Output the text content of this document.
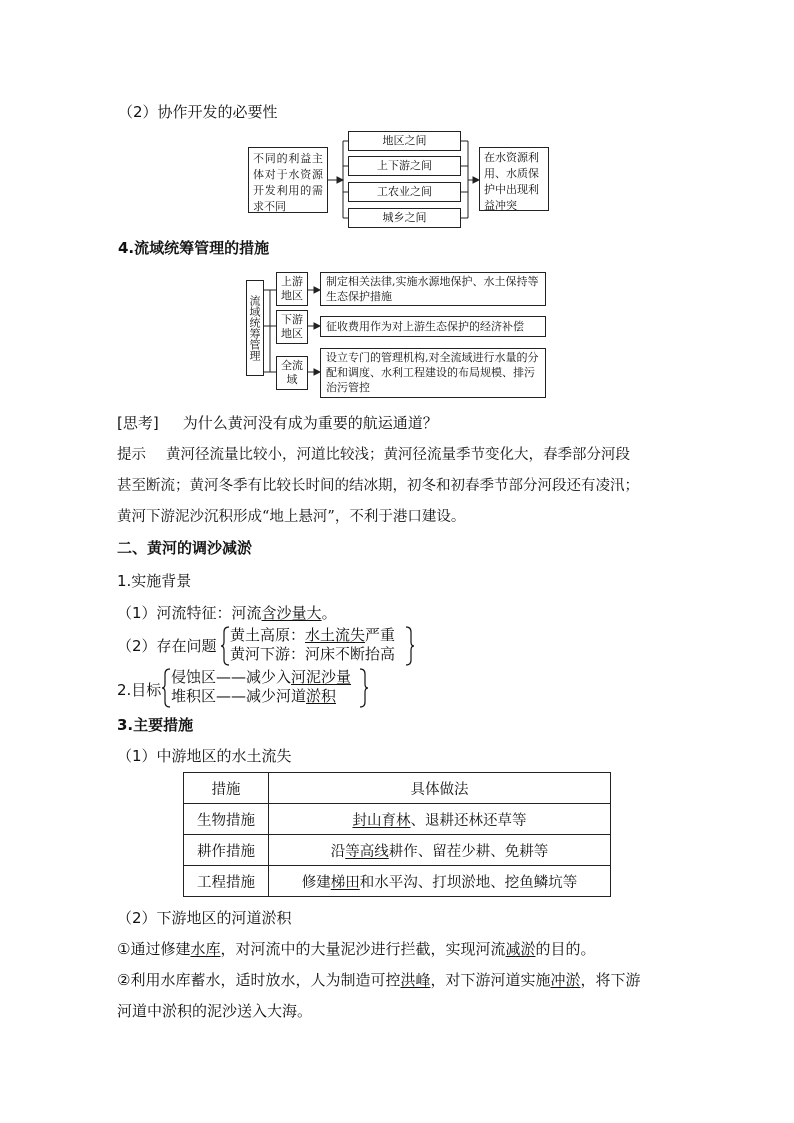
（2）协作开发的必要性
不同的利益主体对于水资源开发利用的需求不同
地区之间
上下游之间
工农业之间
城乡之间
在水资源利用、水质保护中出现利益冲突
4.流域统筹管理的措施
流域统筹管理
上游地区
下游地区
全流域
制定相关法律,实施水源地保护、水土保持等生态保护措施
征收费用作为对上游生态保护的经济补偿
设立专门的管理机构,对全流域进行水量的分配和调度、水利工程建设的布局规模、排污治污管控
[思考] 为什么黄河没有成为重要的航运通道？
提示 黄河径流量比较小，河道比较浅；黄河径流量季节变化大，春季部分河段
甚至断流；黄河冬季有比较长时间的结冰期，初冬和初春季节部分河段还有凌汛；
黄河下游泥沙沉积形成“地上悬河”，不利于港口建设。
二、黄河的调沙减淤
1.实施背景
（1）河流特征：河流含沙量大。
（2）存在问题
黄土高原：水土流失严重
黄河下游：河床不断抬高
2.目标
侵蚀区——减少入河泥沙量
堆积区——减少河道淤积
3.主要措施
（1）中游地区的水土流失
措施	具体做法
生物措施	封山育林、退耕还林还草等
耕作措施	沿等高线耕作、留茬少耕、免耕等
工程措施	修建梯田和水平沟、打坝淤地、挖鱼鳞坑等
（2）下游地区的河道淤积
①通过修建水库，对河流中的大量泥沙进行拦截，实现河流减淤的目的。
②利用水库蓄水，适时放水，人为制造可控洪峰，对下游河道实施冲淤，将下游
河道中淤积的泥沙送入大海。
